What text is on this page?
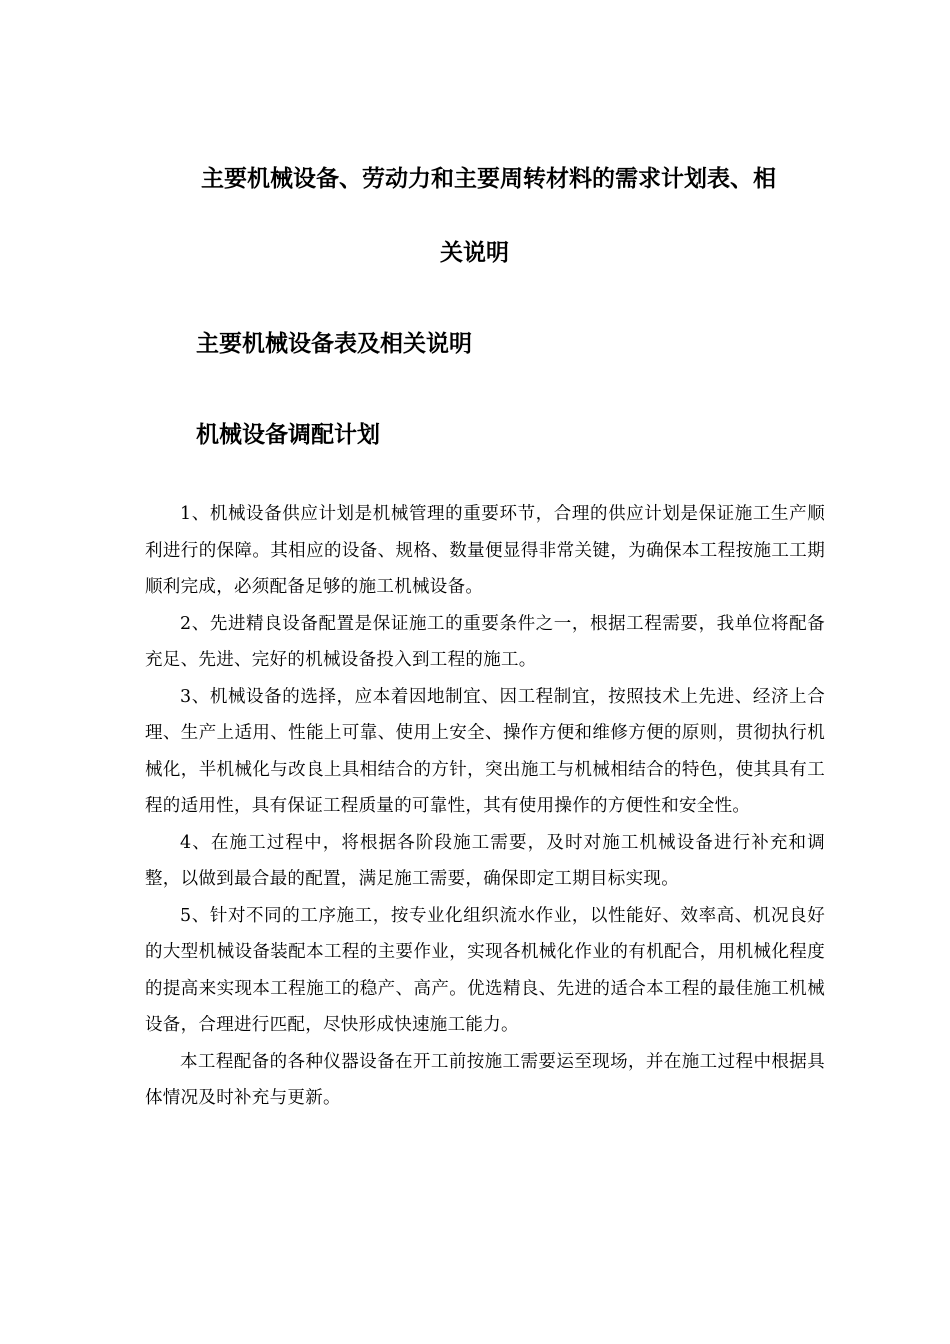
主要机械设备、劳动力和主要周转材料的需求计划表、相
关说明
主要机械设备表及相关说明
机械设备调配计划

1、机械设备供应计划是机械管理的重要环节，合理的供应计划是保证施工生产顺利进行的保障。其相应的设备、规格、数量便显得非常关键，为确保本工程按施工工期顺利完成，必须配备足够的施工机械设备。

2、先进精良设备配置是保证施工的重要条件之一，根据工程需要，我单位将配备充足、先进、完好的机械设备投入到工程的施工。

3、机械设备的选择，应本着因地制宜、因工程制宜，按照技术上先进、经济上合理、生产上适用、性能上可靠、使用上安全、操作方便和维修方便的原则，贯彻执行机械化，半机械化与改良上具相结合的方针，突出施工与机械相结合的特色，使其具有工程的适用性，具有保证工程质量的可靠性，其有使用操作的方便性和安全性。

4、在施工过程中，将根据各阶段施工需要，及时对施工机械设备进行补充和调整，以做到最合最的配置，满足施工需要，确保即定工期目标实现。

5、针对不同的工序施工，按专业化组织流水作业，以性能好、效率高、机况良好的大型机械设备装配本工程的主要作业，实现各机械化作业的有机配合，用机械化程度的提高来实现本工程施工的稳产、高产。优选精良、先进的适合本工程的最佳施工机械设备，合理进行匹配，尽快形成快速施工能力。

本工程配备的各种仪器设备在开工前按施工需要运至现场，并在施工过程中根据具体情况及时补充与更新。
